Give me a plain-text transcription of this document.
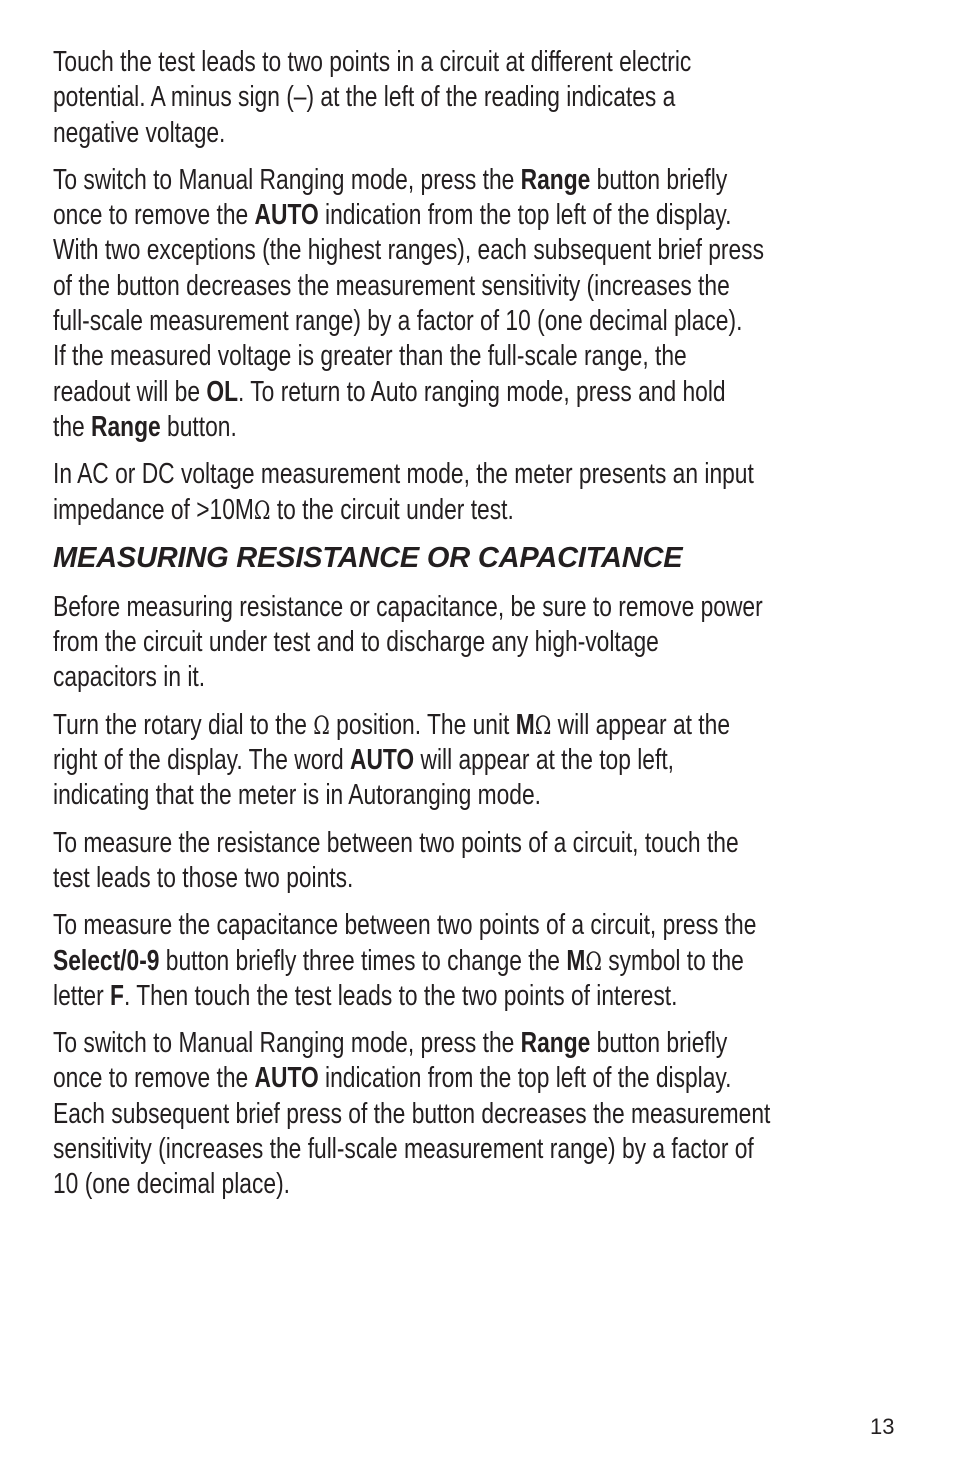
Touch the test leads to two points in a circuit at different electric
potential. A minus sign (–) at the left of the reading indicates a
negative voltage.

To switch to Manual Ranging mode, press the Range button briefly
once to remove the AUTO indication from the top left of the display.
With two exceptions (the highest ranges), each subsequent brief press
of the button decreases the measurement sensitivity (increases the
full-scale measurement range) by a factor of 10 (one decimal place).
If the measured voltage is greater than the full-scale range, the
readout will be OL. To return to Auto ranging mode, press and hold
the Range button.

In AC or DC voltage measurement mode, the meter presents an input
impedance of >10MΩ to the circuit under test.

MEASURING RESISTANCE OR CAPACITANCE

Before measuring resistance or capacitance, be sure to remove power
from the circuit under test and to discharge any high-voltage
capacitors in it.

Turn the rotary dial to the Ω position. The unit MΩ will appear at the
right of the display. The word AUTO will appear at the top left,
indicating that the meter is in Autoranging mode.

To measure the resistance between two points of a circuit, touch the
test leads to those two points.

To measure the capacitance between two points of a circuit, press the
Select/0-9 button briefly three times to change the MΩ symbol to the
letter F. Then touch the test leads to the two points of interest.

To switch to Manual Ranging mode, press the Range button briefly
once to remove the AUTO indication from the top left of the display.
Each subsequent brief press of the button decreases the measurement
sensitivity (increases the full-scale measurement range) by a factor of
10 (one decimal place).

13
